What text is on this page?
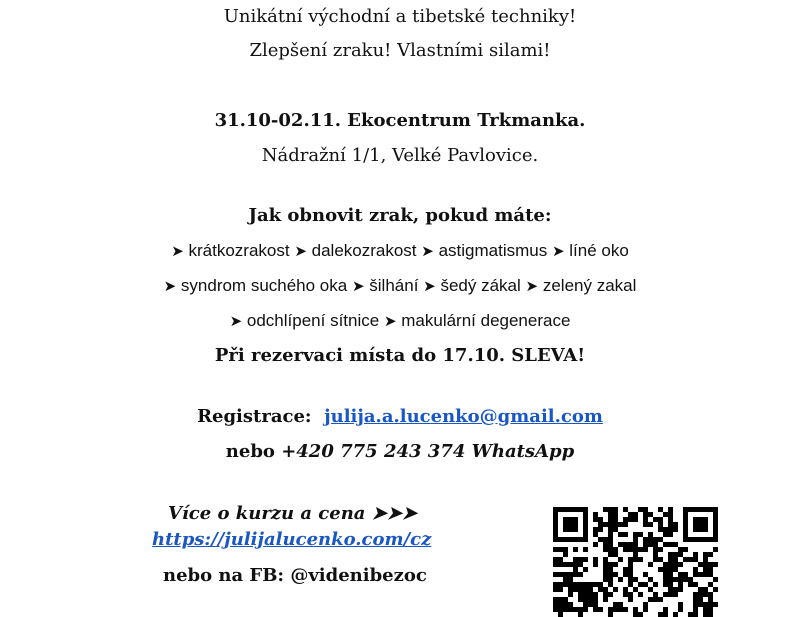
Unikátní východní a tibetské techniky!
Zlepšení zraku! Vlastními silami!
31.10-02.11. Ekocentrum Trkmanka.
Nádražní 1/1, Velké Pavlovice.
Jak obnovit zrak, pokud máte:
➤ krátkozrakost ➤ dalekozrakost ➤ astigmatismus ➤ líné oko
➤ syndrom suchého oka ➤ šilhání ➤ šedý zákal ➤ zelený zakal
➤ odchlípení sítnice ➤ makulární degenerace
Při rezervaci místa do 17.10. SLEVA!
Registrace: julija.a.lucenko@gmail.com
nebo +420 775 243 374 WhatsApp
Více o kurzu a cena ➤➤➤
https://julijalucenko.com/cz
nebo na FB: @videnibezoc
